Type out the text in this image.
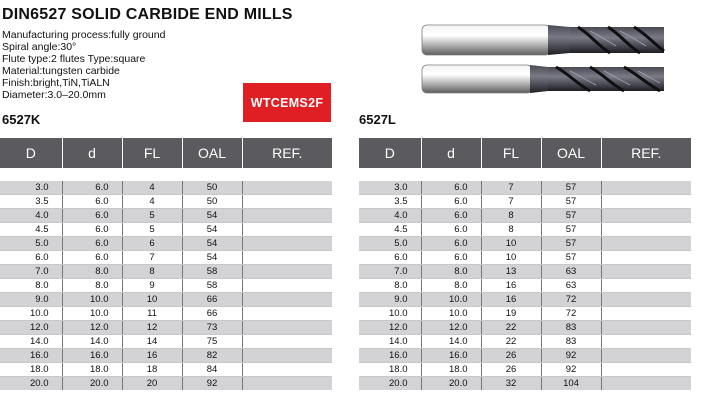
DIN6527 SOLID CARBIDE END MILLS
Manufacturing process:fully ground
Spiral angle:30°
Flute type:2 flutes Type:square
Material:tungsten carbide
Finish:bright,TiN,TiALN
Diameter:3.0–20.0mm
WTCEMS2F
6527K	6527L
D	d	FL	OAL	REF.

3.0	6.0	4	50	
3.5	6.0	4	50	
4.0	6.0	5	54	
4.5	6.0	5	54	
5.0	6.0	6	54	
6.0	6.0	7	54	
7.0	8.0	8	58	
8.0	8.0	9	58	
9.0	10.0	10	66	
10.0	10.0	11	66	
12.0	12.0	12	73	
14.0	14.0	14	75	
16.0	16.0	16	82	
18.0	18.0	18	84	
20.0	20.0	20	92	
D	d	FL	OAL	REF.

3.0	6.0	7	57	
3.5	6.0	7	57	
4.0	6.0	8	57	
4.5	6.0	8	57	
5.0	6.0	10	57	
6.0	6.0	10	57	
7.0	8.0	13	63	
8.0	8.0	16	63	
9.0	10.0	16	72	
10.0	10.0	19	72	
12.0	12.0	22	83	
14.0	14.0	22	83	
16.0	16.0	26	92	
18.0	18.0	26	92	
20.0	20.0	32	104	
